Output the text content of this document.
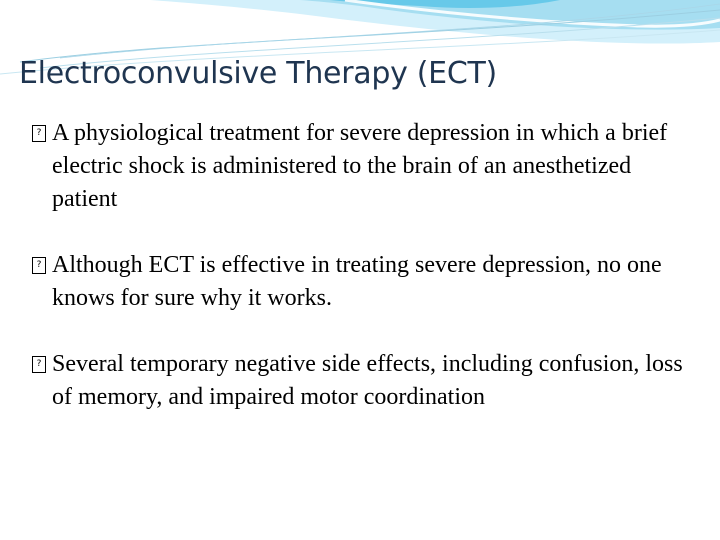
Electroconvulsive Therapy (ECT)
? A physiological treatment for severe depression in which a brief electric shock is administered to the brain of an anesthetized patient
? Although ECT is effective in treating severe depression, no one knows for sure why it works.
? Several temporary negative side effects, including confusion, loss of memory, and impaired motor coordination
